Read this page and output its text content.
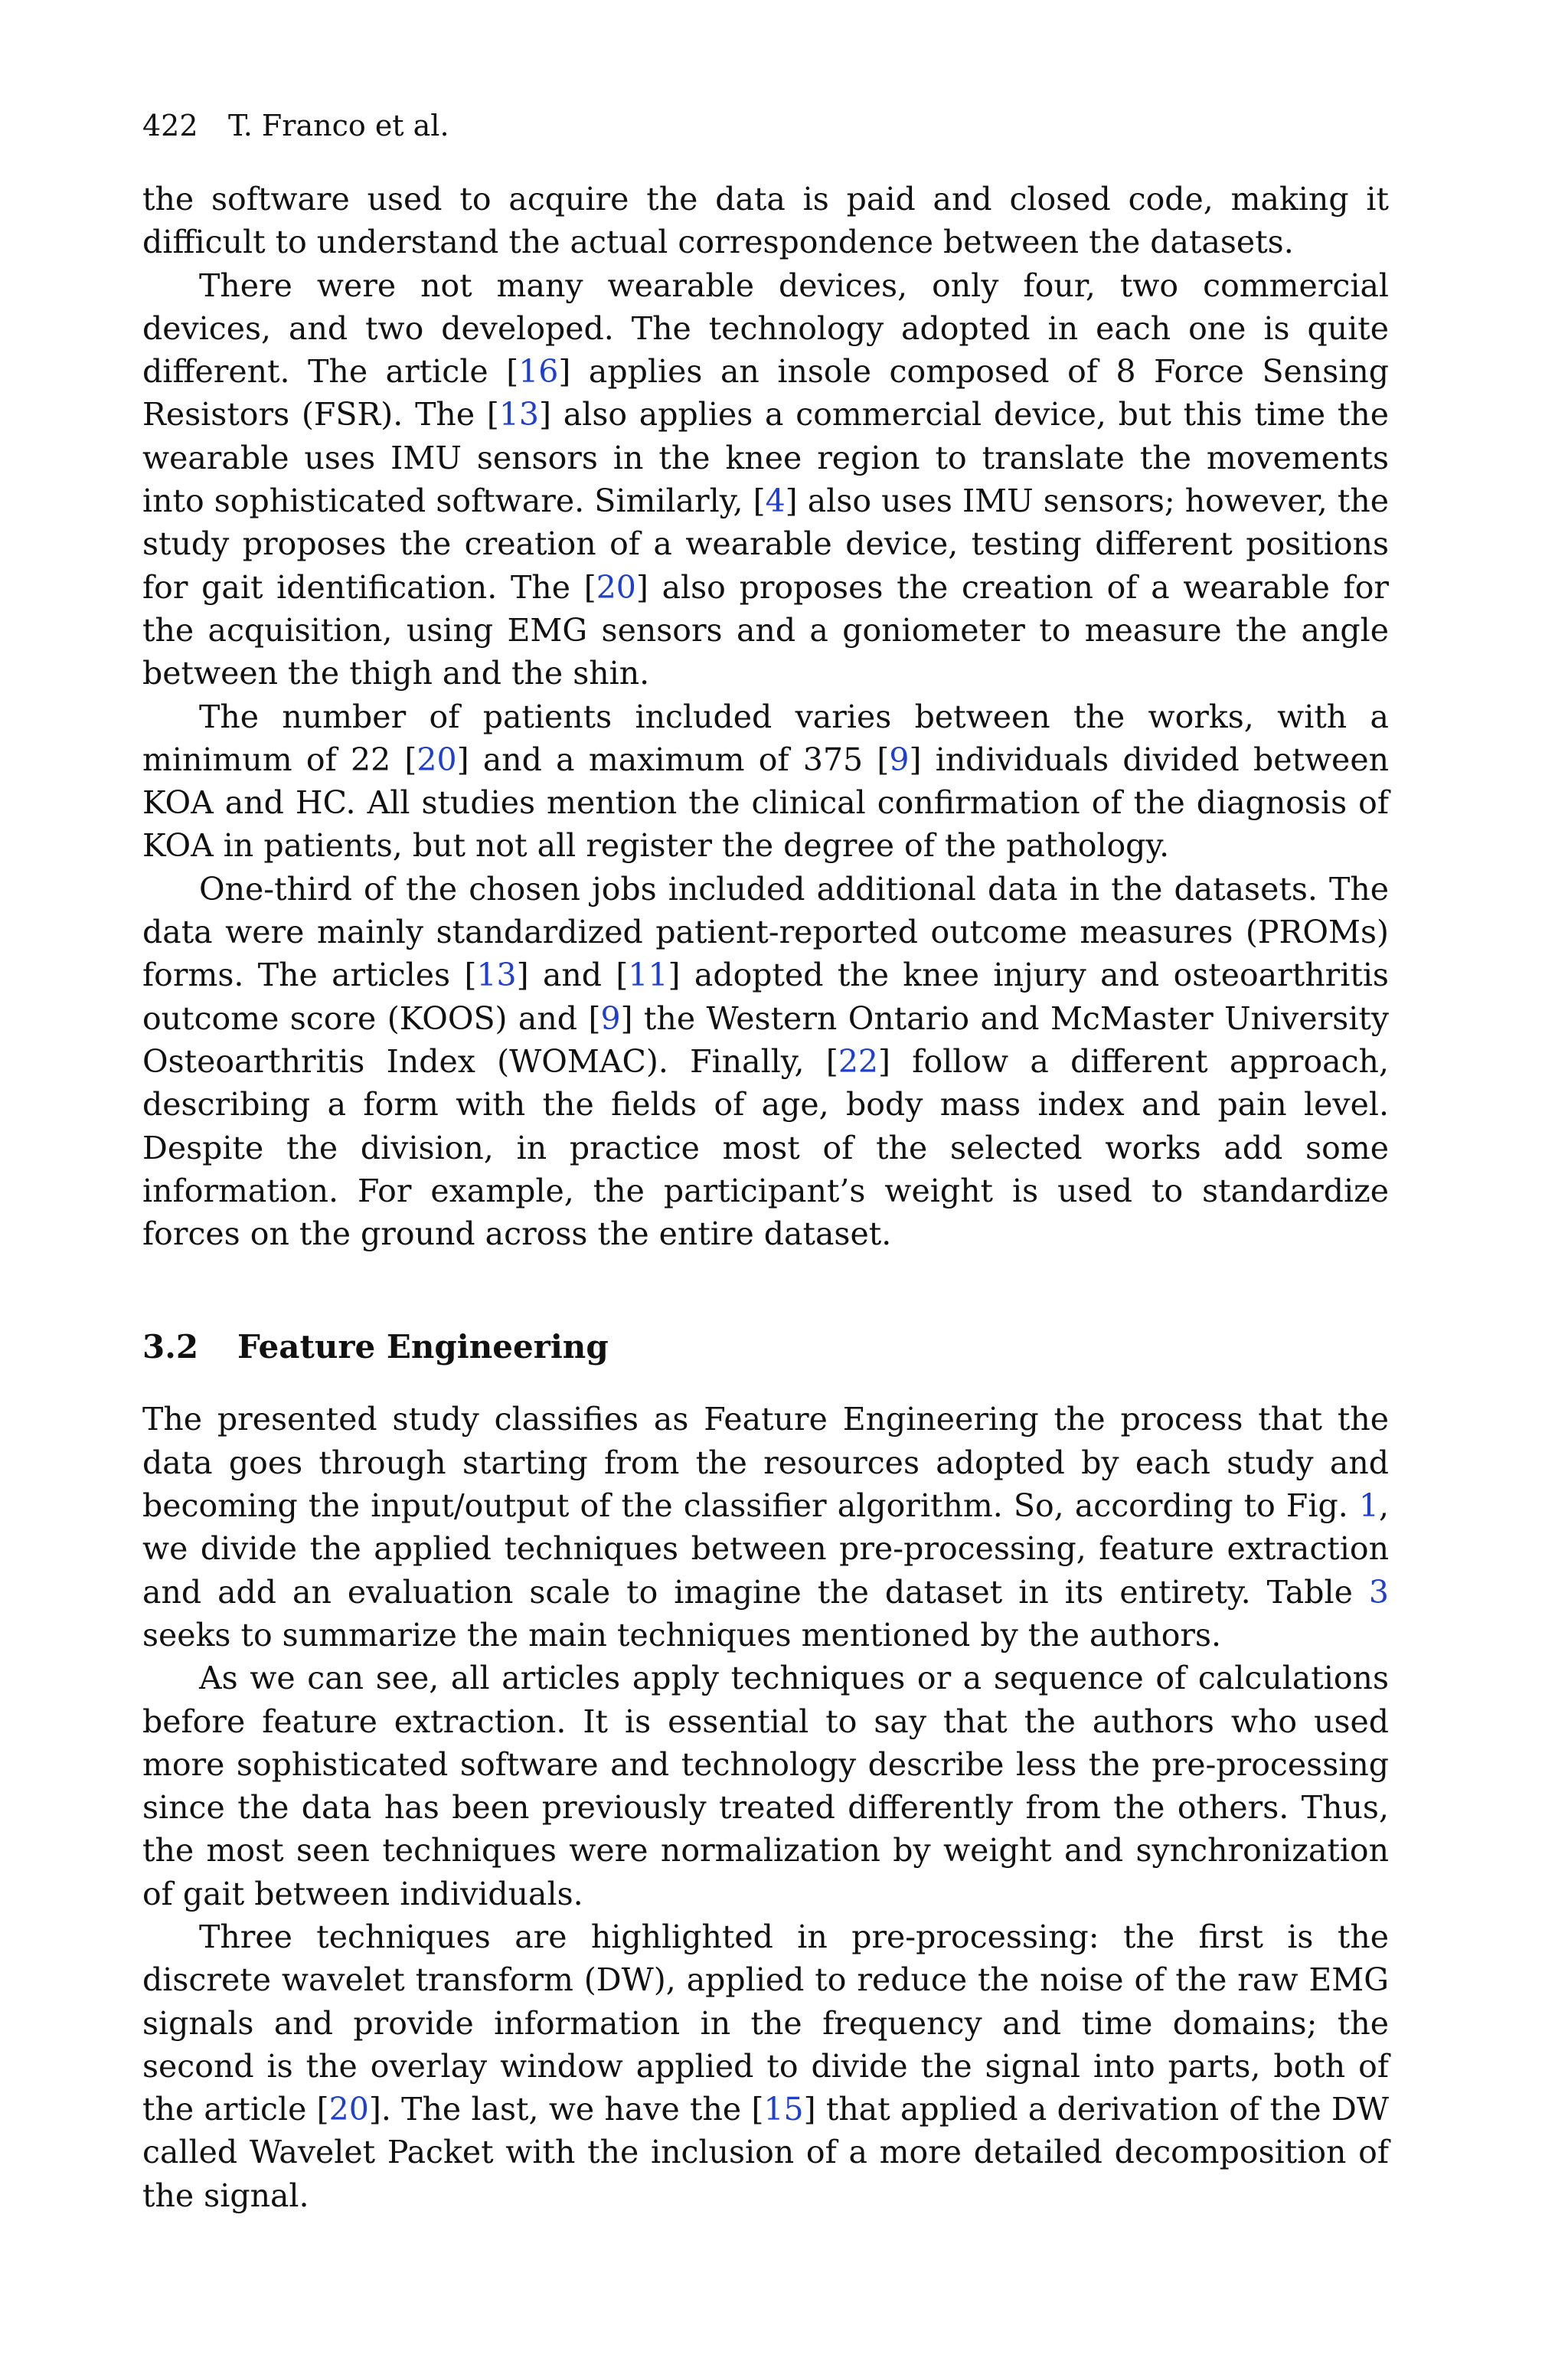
422 T. Franco et al.

the software used to acquire the data is paid and closed code, making it difficult to understand the actual correspondence between the datasets.

There were not many wearable devices, only four, two commercial devices, and two developed. The technology adopted in each one is quite different. The article [16] applies an insole composed of 8 Force Sensing Resistors (FSR). The [13] also applies a commercial device, but this time the wearable uses IMU sensors in the knee region to translate the movements into sophisticated software. Similarly, [4] also uses IMU sensors; however, the study proposes the creation of a wearable device, testing different positions for gait identification. The [20] also proposes the creation of a wearable for the acquisition, using EMG sensors and a goniometer to measure the angle between the thigh and the shin.

The number of patients included varies between the works, with a minimum of 22 [20] and a maximum of 375 [9] individuals divided between KOA and HC. All studies mention the clinical confirmation of the diagnosis of KOA in patients, but not all register the degree of the pathology.

One-third of the chosen jobs included additional data in the datasets. The data were mainly standardized patient-reported outcome measures (PROMs) forms. The articles [13] and [11] adopted the knee injury and osteoarthritis outcome score (KOOS) and [9] the Western Ontario and McMaster University Osteoarthritis Index (WOMAC). Finally, [22] follow a different approach, describing a form with the fields of age, body mass index and pain level. Despite the division, in practice most of the selected works add some information. For example, the participant’s weight is used to standardize forces on the ground across the entire dataset.

3.2 Feature Engineering

The presented study classifies as Feature Engineering the process that the data goes through starting from the resources adopted by each study and becoming the input/output of the classifier algorithm. So, according to Fig. 1, we divide the applied techniques between pre-processing, feature extraction and add an evaluation scale to imagine the dataset in its entirety. Table 3 seeks to summarize the main techniques mentioned by the authors.

As we can see, all articles apply techniques or a sequence of calculations before feature extraction. It is essential to say that the authors who used more sophisticated software and technology describe less the pre-processing since the data has been previously treated differently from the others. Thus, the most seen techniques were normalization by weight and synchronization of gait between individuals.

Three techniques are highlighted in pre-processing: the first is the discrete wavelet transform (DW), applied to reduce the noise of the raw EMG signals and provide information in the frequency and time domains; the second is the overlay window applied to divide the signal into parts, both of the article [20]. The last, we have the [15] that applied a derivation of the DW called Wavelet Packet with the inclusion of a more detailed decomposition of the signal.
